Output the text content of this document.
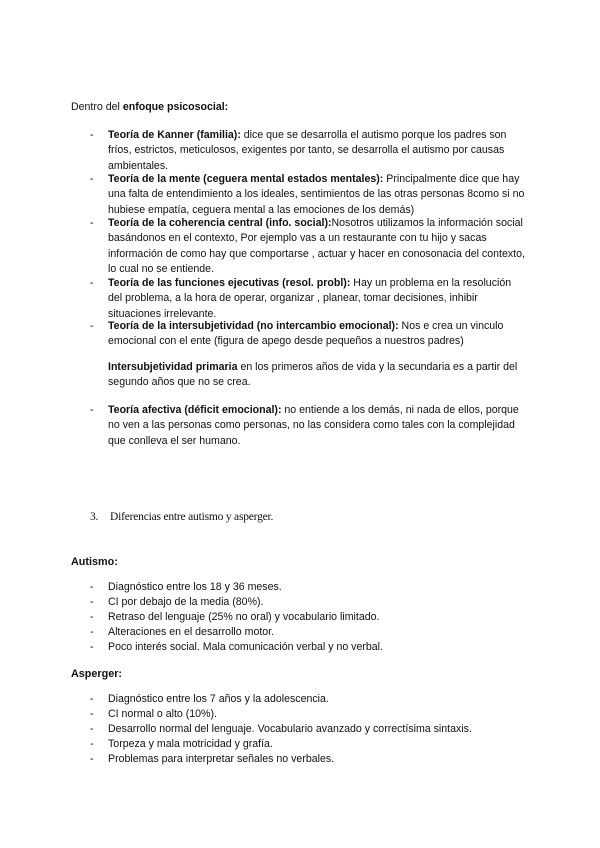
Dentro del enfoque psicosocial:
- Teoría de Kanner (familia): dice que se desarrolla el autismo porque los padres son fríos, estrictos, meticulosos, exigentes por tanto, se desarrolla el autismo por causas ambientales.
- Teoría de la mente (ceguera mental estados mentales): Principalmente dice que hay una falta de entendimiento a los ideales, sentimientos de las otras personas 8como si no hubiese empatía, ceguera mental a las emociones de los demás)
- Teoría de la coherencia central (info. social):Nosotros utilizamos la información social basándonos en el contexto, Por ejemplo vas a un restaurante con tu hijo y sacas información de como hay que comportarse , actuar y hacer en conosonacia del contexto, lo cual no se entiende.
- Teoría de las funciones ejecutivas (resol. probl): Hay un problema en la resolución del problema, a la hora de operar, organizar , planear, tomar decisiones, inhibir situaciones irrelevante.
- Teoría de la intersubjetividad (no intercambio emocional): Nos e crea un vinculo emocional con el ente (figura de apego desde pequeños a nuestros padres)
Intersubjetividad primaria en los primeros años de vida y la secundaria es a partir del segundo años que no se crea.
- Teoría afectiva (déficit emocional): no entiende a los demás, ni nada de ellos, porque no ven a las personas como personas, no las considera como tales con la complejidad que conlleva el ser humano.
3. Diferencias entre autismo y asperger.
Autismo:
- Diagnóstico entre los 18 y 36 meses.
- CI por debajo de la media (80%).
- Retraso del lenguaje (25% no oral) y vocabulario limitado.
- Alteraciones en el desarrollo motor.
- Poco interés social. Mala comunicación verbal y no verbal.
Asperger:
- Diagnóstico entre los 7 años y la adolescencia.
- CI normal o alto (10%).
- Desarrollo normal del lenguaje. Vocabulario avanzado y correctísima sintaxis.
- Torpeza y mala motricidad y grafía.
- Problemas para interpretar señales no verbales.
